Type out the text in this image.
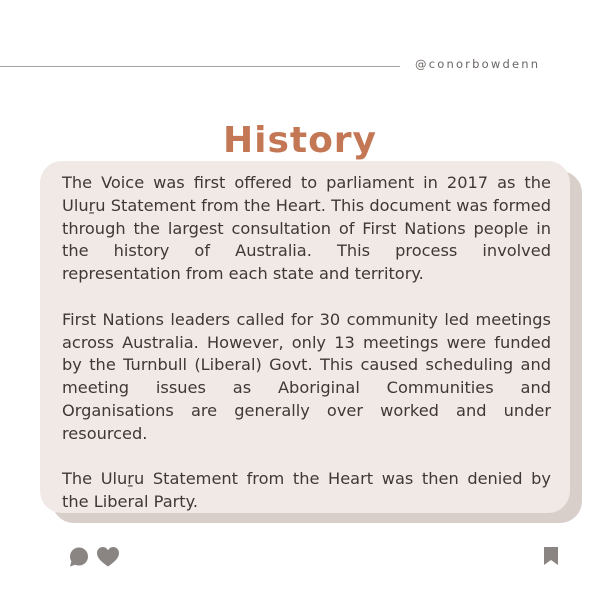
@conorbowdenn
History

The Voice was first offered to parliament in 2017 as the Uluṟu Statement from the Heart. This document was formed through the largest consultation of First Nations people in the history of Australia. This process involved representation from each state and territory.

First Nations leaders called for 30 community led meetings across Australia. However, only 13 meetings were funded by the Turnbull (Liberal) Govt. This caused scheduling and meeting issues as Aboriginal Communities and Organisations are generally over worked and under resourced.

The Uluṟu Statement from the Heart was then denied by the Liberal Party.
